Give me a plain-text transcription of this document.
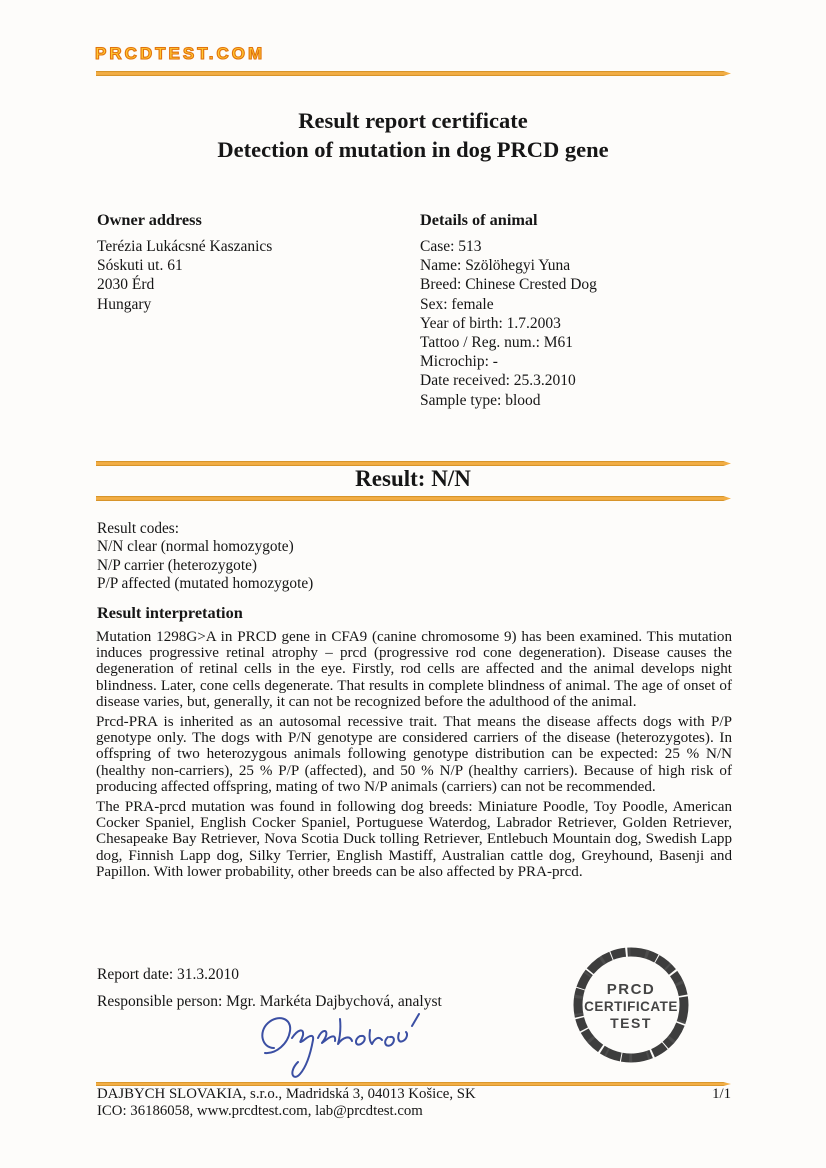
PRCDTEST.COM
Result report certificate
Detection of mutation in dog PRCD gene
Owner address
Terézia Lukácsné Kaszanics
Sóskuti ut. 61
2030 Érd
Hungary
Details of animal
Case: 513
Name: Szölöhegyi Yuna
Breed: Chinese Crested Dog
Sex: female
Year of birth: 1.7.2003
Tattoo / Reg. num.: M61
Microchip: -
Date received: 25.3.2010
Sample type: blood
Result: N/N
Result codes:
N/N clear (normal homozygote)
N/P carrier (heterozygote)
P/P affected (mutated homozygote)
Result interpretation

Mutation 1298G>A in PRCD gene in CFA9 (canine chromosome 9) has been examined. This mutation induces progressive retinal atrophy – prcd (progressive rod cone degeneration). Disease causes the degeneration of retinal cells in the eye. Firstly, rod cells are affected and the animal develops night blindness. Later, cone cells degenerate. That results in complete blindness of animal. The age of onset of disease varies, but, generally, it can not be recognized before the adulthood of the animal.

Prcd-PRA is inherited as an autosomal recessive trait. That means the disease affects dogs with P/P genotype only. The dogs with P/N genotype are considered carriers of the disease (heterozygotes). In offspring of two heterozygous animals following genotype distribution can be expected: 25 % N/N (healthy non-carriers), 25 % P/P (affected), and 50 % N/P (healthy carriers). Because of high risk of producing affected offspring, mating of two N/P animals (carriers) can not be recommended.

The PRA-prcd mutation was found in following dog breeds: Miniature Poodle, Toy Poodle, American Cocker Spaniel, English Cocker Spaniel, Portuguese Waterdog, Labrador Retriever, Golden Retriever, Chesapeake Bay Retriever, Nova Scotia Duck tolling Retriever, Entlebuch Mountain dog, Swedish Lapp dog, Finnish Lapp dog, Silky Terrier, English Mastiff, Australian cattle dog, Greyhound, Basenji and Papillon. With lower probability, other breeds can be also affected by PRA-prcd.

Report date: 31.3.2010
Responsible person: Mgr. Markéta Dajbychová, analyst
PRCD
CERTIFICATE
TEST
1/1
DAJBYCH SLOVAKIA, s.r.o., Madridská 3, 04013 Košice, SK
ICO: 36186058, www.prcdtest.com, lab@prcdtest.com
